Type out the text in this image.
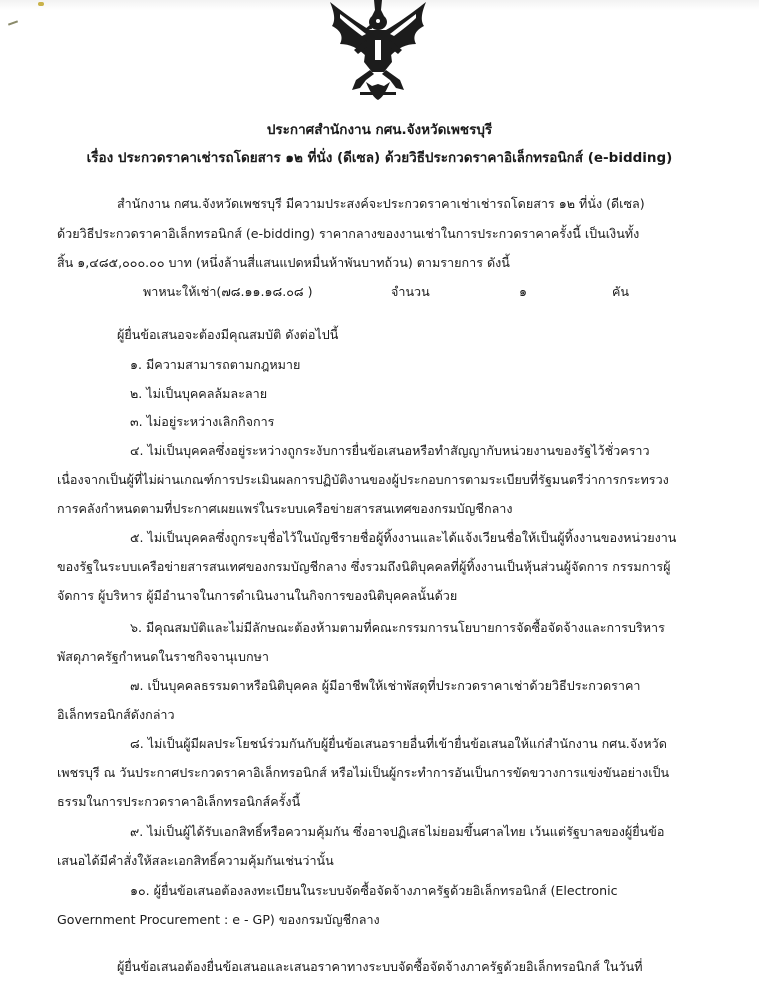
ประกาศสำนักงาน กศน.จังหวัดเพชรบุรี
เรื่อง ประกวดราคาเช่ารถโดยสาร ๑๒ ที่นั่ง (ดีเซล) ด้วยวิธีประกวดราคาอิเล็กทรอนิกส์ (e-bidding)
สำนักงาน กศน.จังหวัดเพชรบุรี มีความประสงค์จะประกวดราคาเช่าเช่ารถโดยสาร ๑๒ ที่นั่ง (ดีเซล)
ด้วยวิธีประกวดราคาอิเล็กทรอนิกส์ (e-bidding) ราคากลางของงานเช่าในการประกวดราคาครั้งนี้ เป็นเงินทั้ง
สิ้น ๑,๔๘๕,๐๐๐.๐๐ บาท (หนึ่งล้านสี่แสนแปดหมื่นห้าพันบาทถ้วน) ตามรายการ ดังนี้
พาหนะให้เช่า(๗๘.๑๑.๑๘.๐๘ )	จำนวน	๑	คัน
ผู้ยื่นข้อเสนอจะต้องมีคุณสมบัติ ดังต่อไปนี้
๑. มีความสามารถตามกฎหมาย
๒. ไม่เป็นบุคคลล้มละลาย
๓. ไม่อยู่ระหว่างเลิกกิจการ
๔. ไม่เป็นบุคคลซึ่งอยู่ระหว่างถูกระงับการยื่นข้อเสนอหรือทำสัญญากับหน่วยงานของรัฐไว้ชั่วคราว
เนื่องจากเป็นผู้ที่ไม่ผ่านเกณฑ์การประเมินผลการปฏิบัติงานของผู้ประกอบการตามระเบียบที่รัฐมนตรีว่าการกระทรวง
การคลังกำหนดตามที่ประกาศเผยแพร่ในระบบเครือข่ายสารสนเทศของกรมบัญชีกลาง
๕. ไม่เป็นบุคคลซึ่งถูกระบุชื่อไว้ในบัญชีรายชื่อผู้ทิ้งงานและได้แจ้งเวียนชื่อให้เป็นผู้ทิ้งงานของหน่วยงาน
ของรัฐในระบบเครือข่ายสารสนเทศของกรมบัญชีกลาง ซึ่งรวมถึงนิติบุคคลที่ผู้ทิ้งงานเป็นหุ้นส่วนผู้จัดการ กรรมการผู้
จัดการ ผู้บริหาร ผู้มีอำนาจในการดำเนินงานในกิจการของนิติบุคคลนั้นด้วย
๖. มีคุณสมบัติและไม่มีลักษณะต้องห้ามตามที่คณะกรรมการนโยบายการจัดซื้อจัดจ้างและการบริหาร
พัสดุภาครัฐกำหนดในราชกิจจานุเบกษา
๗. เป็นบุคคลธรรมดาหรือนิติบุคคล ผู้มีอาชีพให้เช่าพัสดุที่ประกวดราคาเช่าด้วยวิธีประกวดราคา
อิเล็กทรอนิกส์ดังกล่าว
๘. ไม่เป็นผู้มีผลประโยชน์ร่วมกันกับผู้ยื่นข้อเสนอรายอื่นที่เข้ายื่นข้อเสนอให้แก่สำนักงาน กศน.จังหวัด
เพชรบุรี ณ วันประกาศประกวดราคาอิเล็กทรอนิกส์ หรือไม่เป็นผู้กระทำการอันเป็นการขัดขวางการแข่งขันอย่างเป็น
ธรรมในการประกวดราคาอิเล็กทรอนิกส์ครั้งนี้
๙. ไม่เป็นผู้ได้รับเอกสิทธิ์หรือความคุ้มกัน ซึ่งอาจปฏิเสธไม่ยอมขึ้นศาลไทย เว้นแต่รัฐบาลของผู้ยื่นข้อ
เสนอได้มีคำสั่งให้สละเอกสิทธิ์ความคุ้มกันเช่นว่านั้น
๑๐. ผู้ยื่นข้อเสนอต้องลงทะเบียนในระบบจัดซื้อจัดจ้างภาครัฐด้วยอิเล็กทรอนิกส์ (Electronic
Government Procurement : e - GP) ของกรมบัญชีกลาง
ผู้ยื่นข้อเสนอต้องยื่นข้อเสนอและเสนอราคาทางระบบจัดซื้อจัดจ้างภาครัฐด้วยอิเล็กทรอนิกส์ ในวันที่
